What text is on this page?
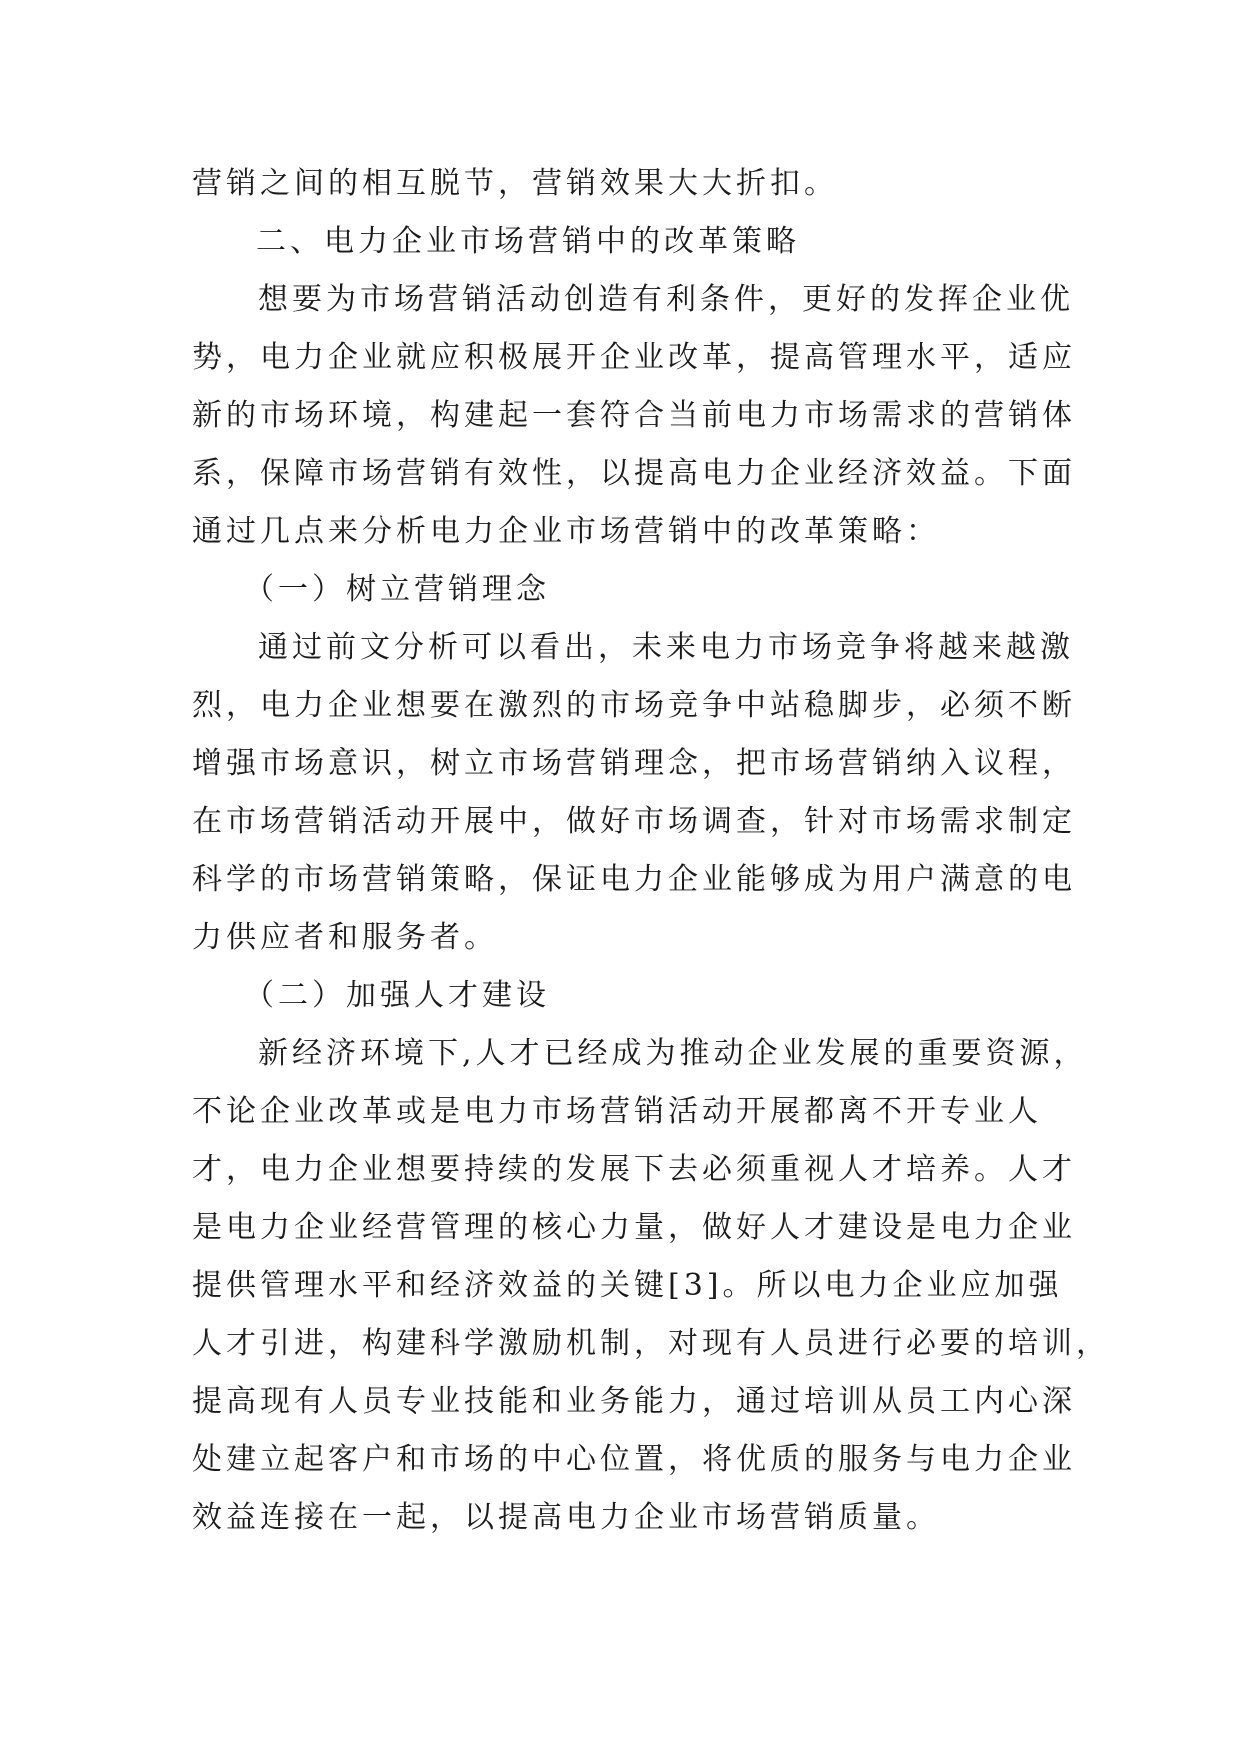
营销之间的相互脱节，营销效果大大折扣。
二、电力企业市场营销中的改革策略
想要为市场营销活动创造有利条件，更好的发挥企业优
势，电力企业就应积极展开企业改革，提高管理水平，适应
新的市场环境，构建起一套符合当前电力市场需求的营销体
系，保障市场营销有效性，以提高电力企业经济效益。下面
通过几点来分析电力企业市场营销中的改革策略：
（一）树立营销理念
通过前文分析可以看出，未来电力市场竞争将越来越激
烈，电力企业想要在激烈的市场竞争中站稳脚步，必须不断
增强市场意识，树立市场营销理念，把市场营销纳入议程，
在市场营销活动开展中，做好市场调查，针对市场需求制定
科学的市场营销策略，保证电力企业能够成为用户满意的电
力供应者和服务者。
（二）加强人才建设
新经济环境下,人才已经成为推动企业发展的重要资源，
不论企业改革或是电力市场营销活动开展都离不开专业人
才，电力企业想要持续的发展下去必须重视人才培养。人才
是电力企业经营管理的核心力量，做好人才建设是电力企业
提供管理水平和经济效益的关键[3]。所以电力企业应加强
人才引进，构建科学激励机制，对现有人员进行必要的培训，
提高现有人员专业技能和业务能力，通过培训从员工内心深
处建立起客户和市场的中心位置，将优质的服务与电力企业
效益连接在一起，以提高电力企业市场营销质量。
